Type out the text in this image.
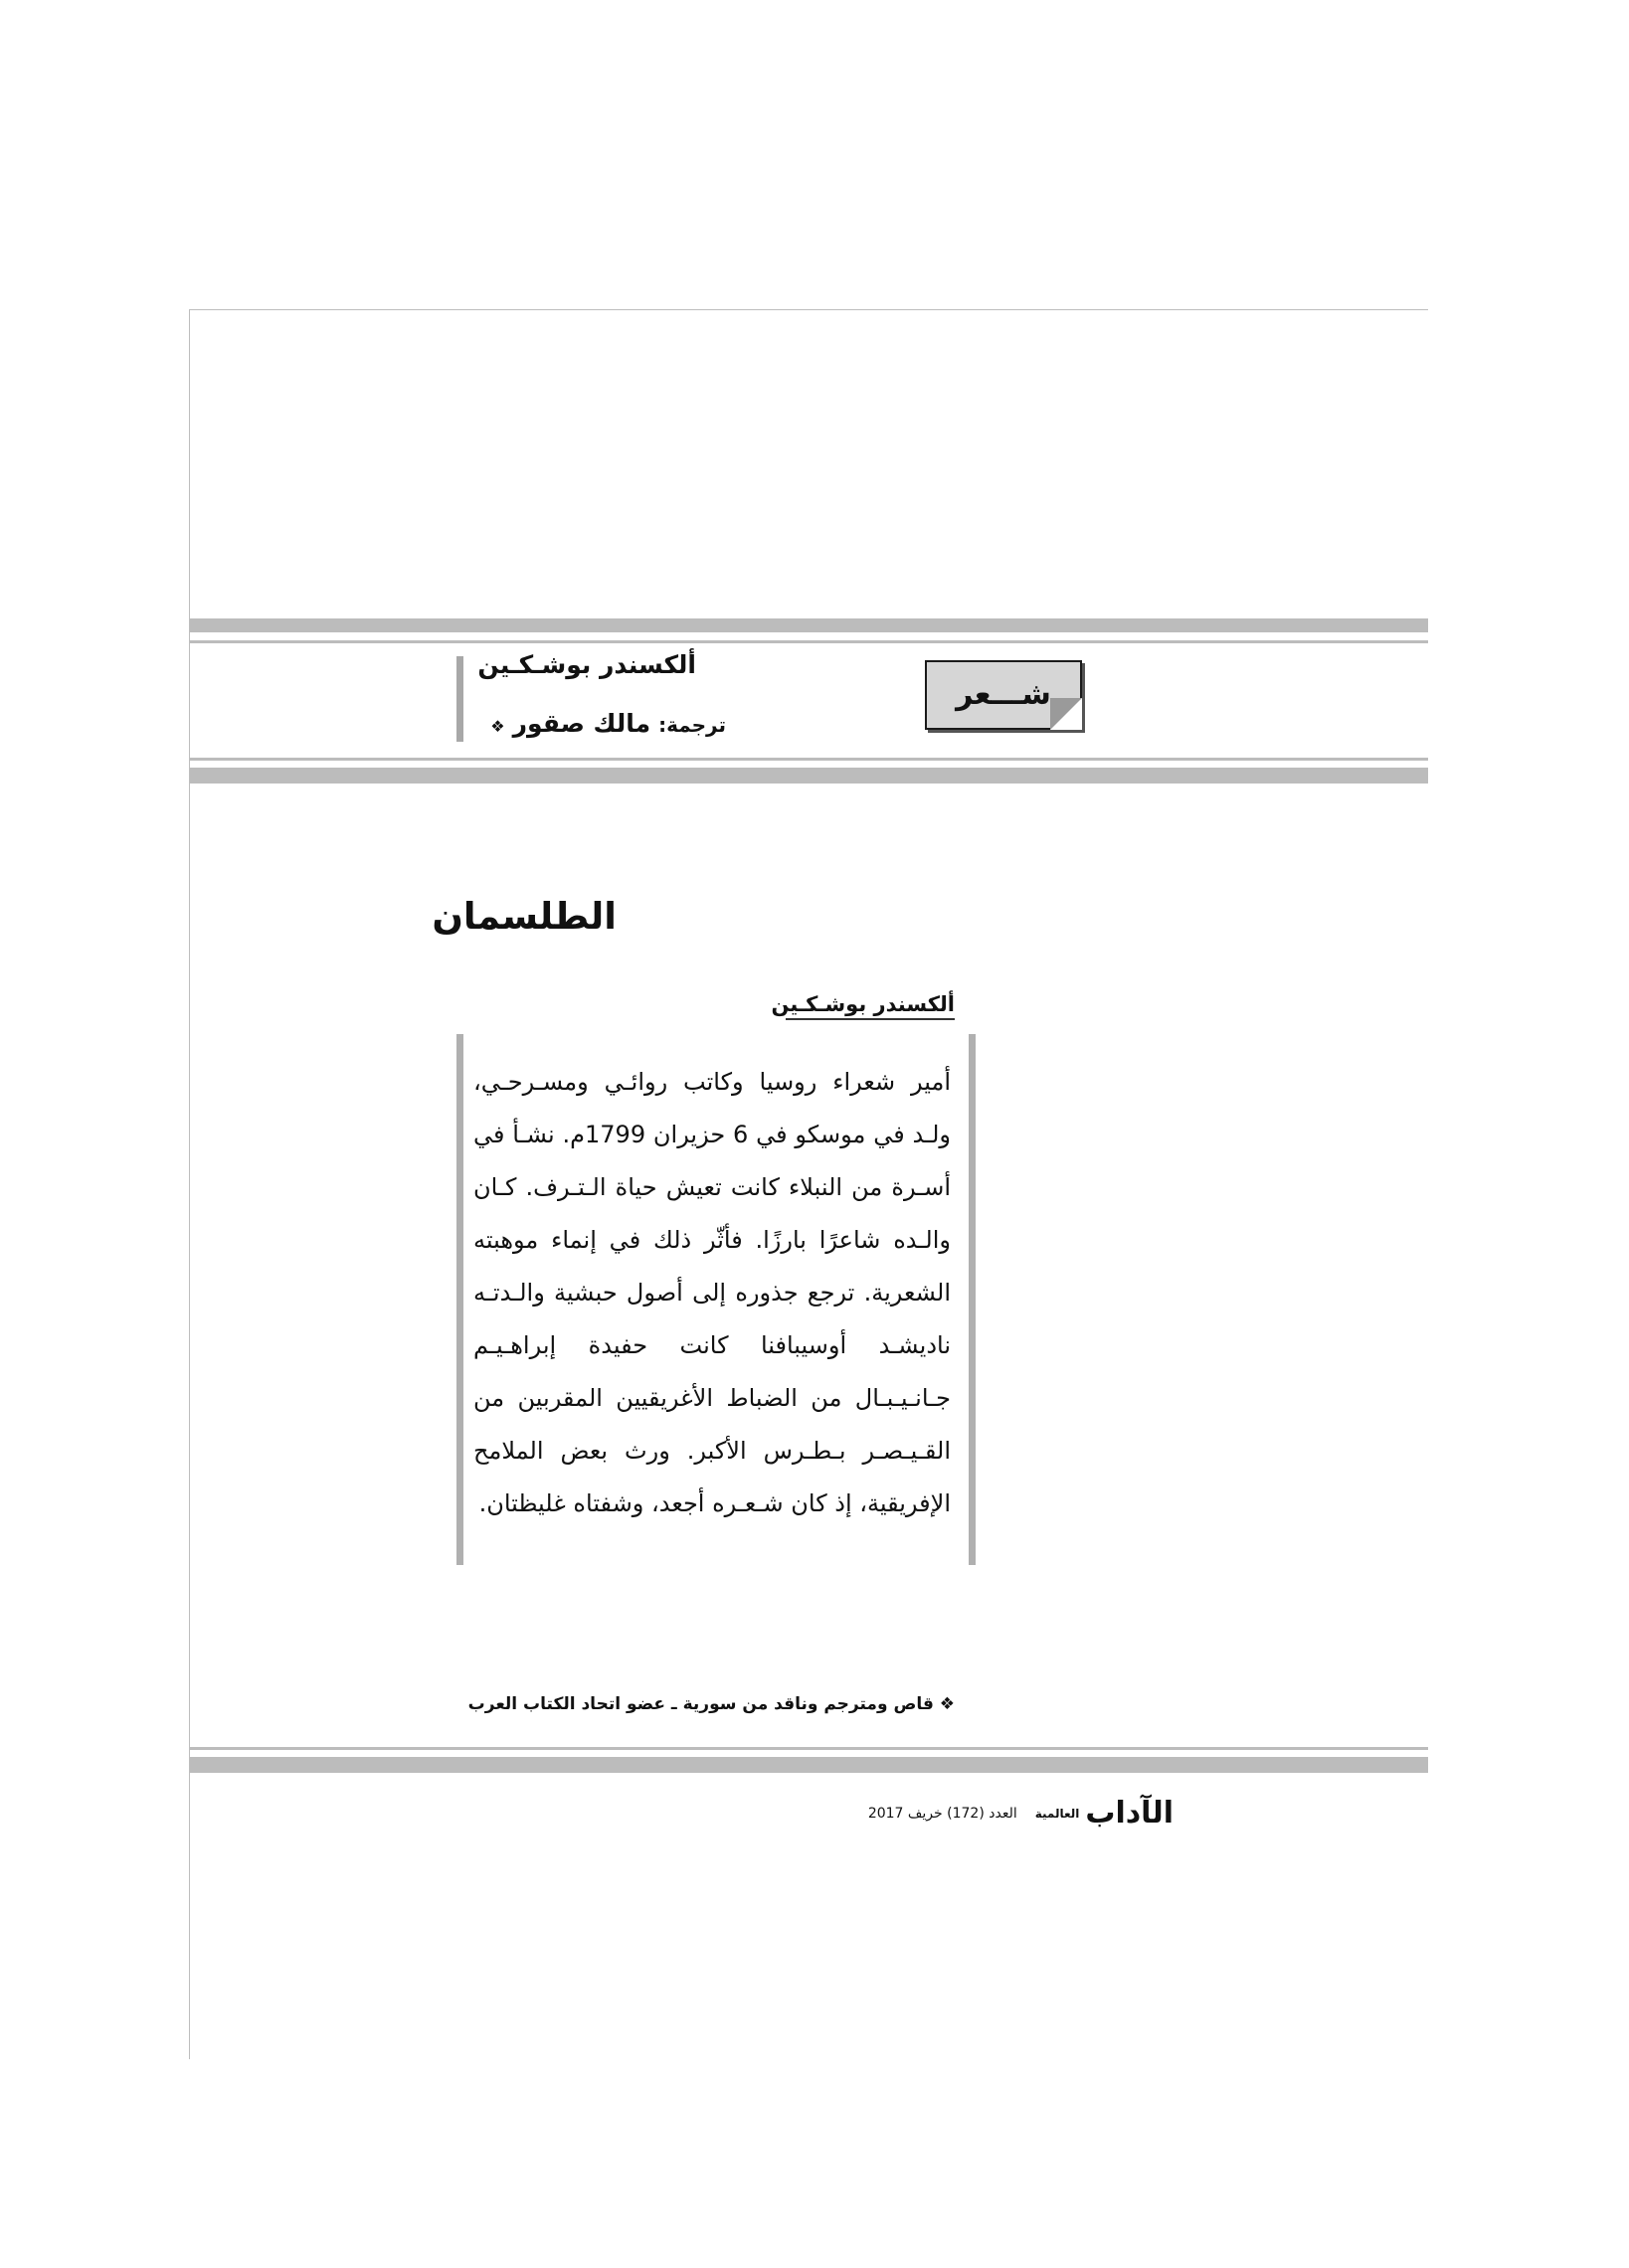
ألكسندر بوشـكـين
ترجمة:مالك صقور❖
شـــعر
الطلسمان
ألكسندر بوشـكـين

أمير شعراء روسيا وكاتب روائـي ومسـرحـي، ولـد في موسكو في 6 حزيران 1799م. نشـأ في أسـرة من النبلاء كانت تعيش حياة الـتـرف. كـان والـده شاعرًا بارزًا. فأثّر ذلك في إنماء موهبته الشعرية. ترجع جذوره إلى أصول حبشية والـدتـه ناديشـد أوسيبافنا كانت حفيدة إبراهـيـم جـانـيـبـال من الضباط الأغريقيين المقربين من القـيـصـر بـطـرس الأكبر. ورث بعض الملامح الإفريقية، إذ كان شـعـره أجعد، وشفتاه غليظتان.

❖ قاص ومترجم وناقد من سورية ـ عضو اتحاد الكتاب العرب
الآداب
العالمية
العدد (172) خريف 2017
